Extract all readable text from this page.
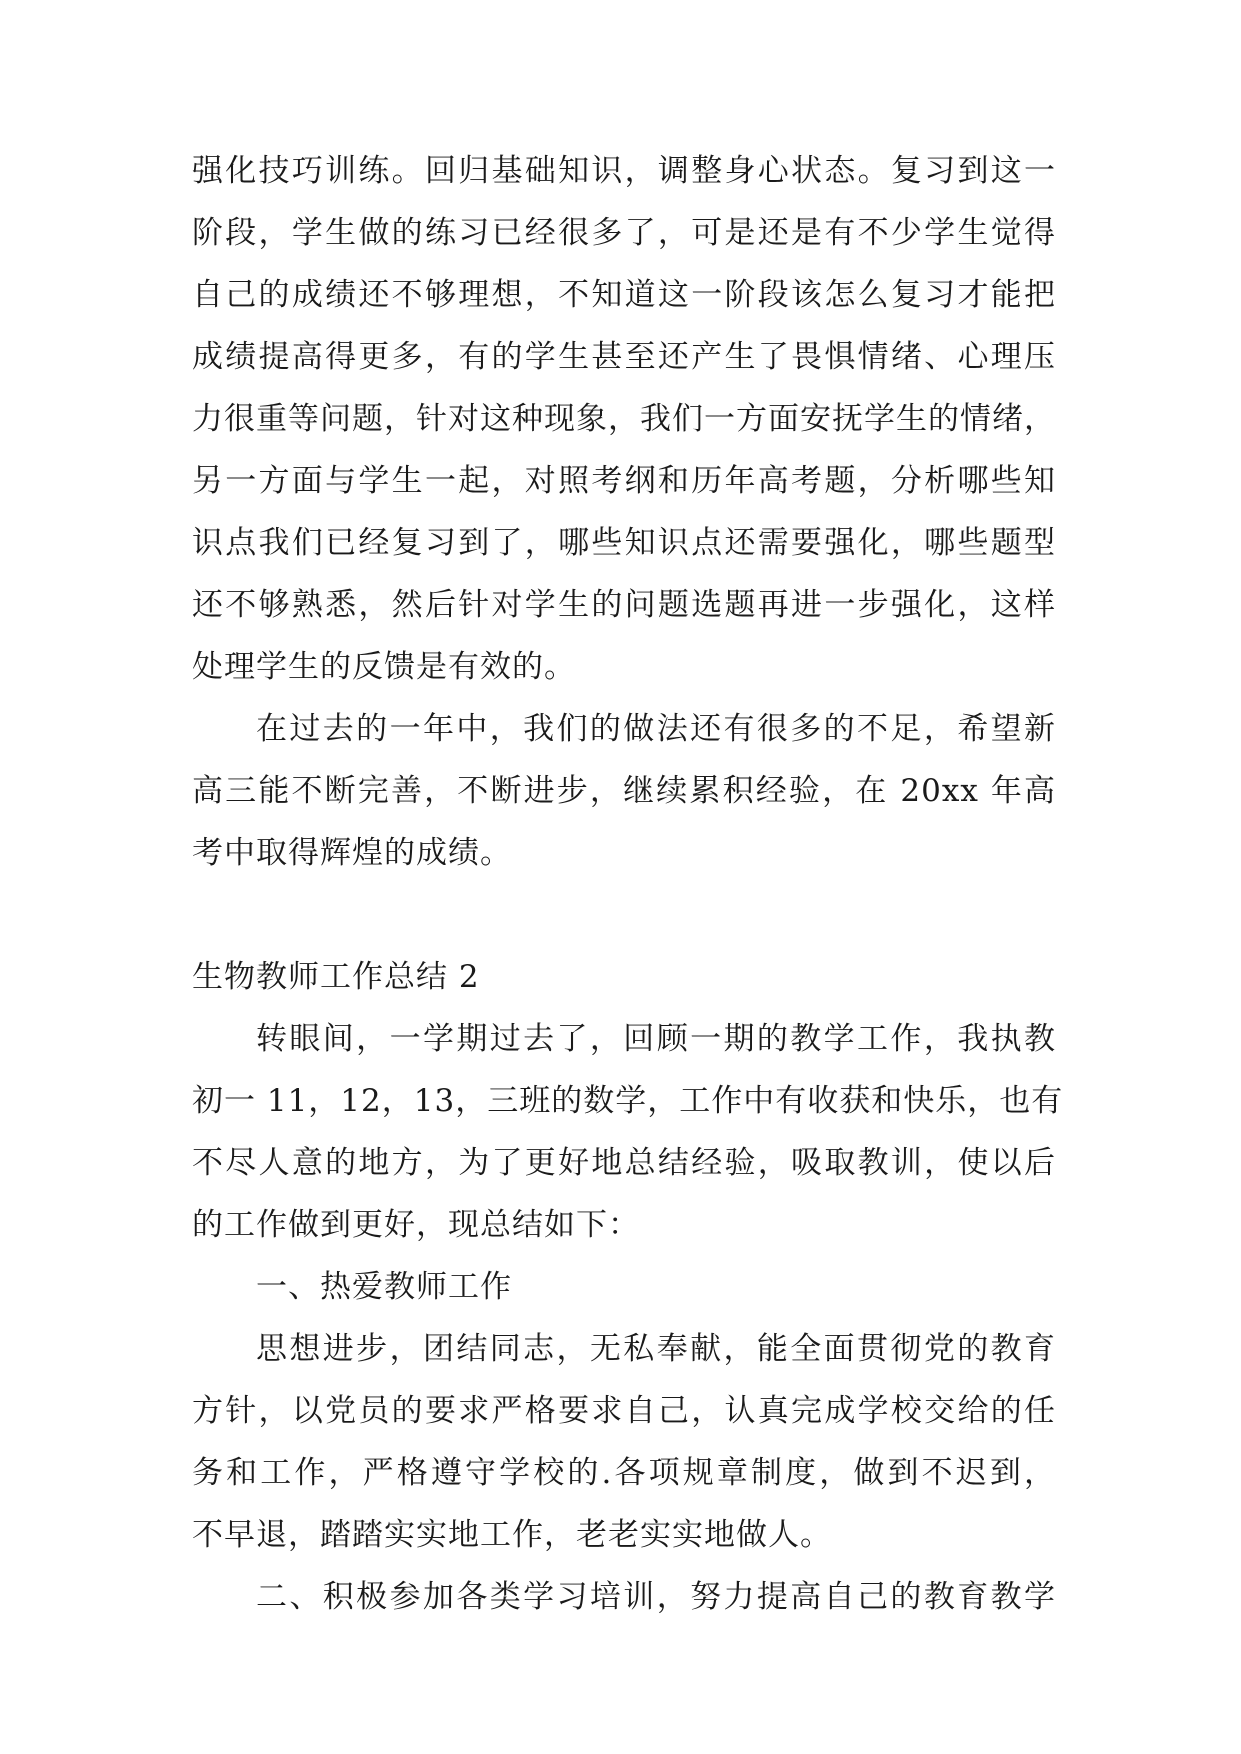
强化技巧训练。回归基础知识，调整身心状态。复习到这一
阶段，学生做的练习已经很多了，可是还是有不少学生觉得
自己的成绩还不够理想，不知道这一阶段该怎么复习才能把
成绩提高得更多，有的学生甚至还产生了畏惧情绪、心理压
力很重等问题，针对这种现象，我们一方面安抚学生的情绪，
另一方面与学生一起，对照考纲和历年高考题，分析哪些知
识点我们已经复习到了，哪些知识点还需要强化，哪些题型
还不够熟悉，然后针对学生的问题选题再进一步强化，这样
处理学生的反馈是有效的。
在过去的一年中，我们的做法还有很多的不足，希望新
高三能不断完善，不断进步，继续累积经验，在 20xx 年高
考中取得辉煌的成绩。
生物教师工作总结 2
转眼间，一学期过去了，回顾一期的教学工作，我执教
初一 11，12，13，三班的数学，工作中有收获和快乐，也有
不尽人意的地方，为了更好地总结经验，吸取教训，使以后
的工作做到更好，现总结如下：
一、热爱教师工作
思想进步，团结同志，无私奉献，能全面贯彻党的教育
方针，以党员的要求严格要求自己，认真完成学校交给的任
务和工作，严格遵守学校的.各项规章制度，做到不迟到，
不早退，踏踏实实地工作，老老实实地做人。
二、积极参加各类学习培训，努力提高自己的教育教学
